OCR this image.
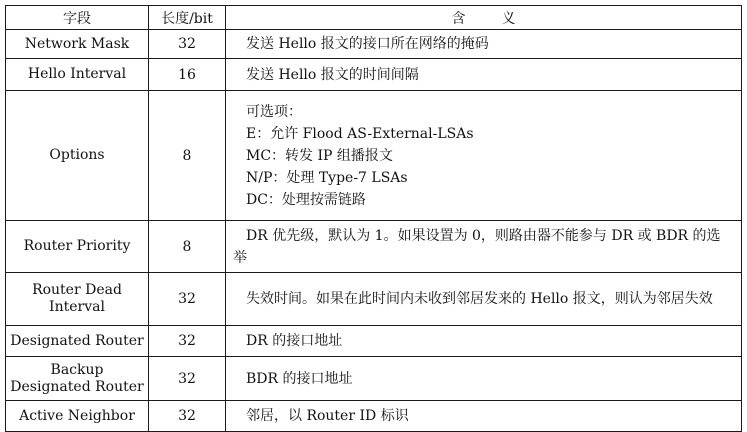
字段	长度/bit	含义
Network Mask	32	发送 Hello 报文的接口所在网络的掩码
Hello Interval	16	发送 Hello 报文的时间间隔
Options	8	可选项：
E：允许 Flood AS-External-LSAs
MC：转发 IP 组播报文
N/P：处理 Type-7 LSAs
DC：处理按需链路

Router Priority	8	DR 优先级，默认为 1。如果设置为 0，则路由器不能参与 DR 或 BDR 的选举
Router Dead Interval	32	失效时间。如果在此时间内未收到邻居发来的 Hello 报文，则认为邻居失效
Designated Router	32	DR 的接口地址
Backup Designated Router	32	BDR 的接口地址
Active Neighbor	32	邻居，以 Router ID 标识
